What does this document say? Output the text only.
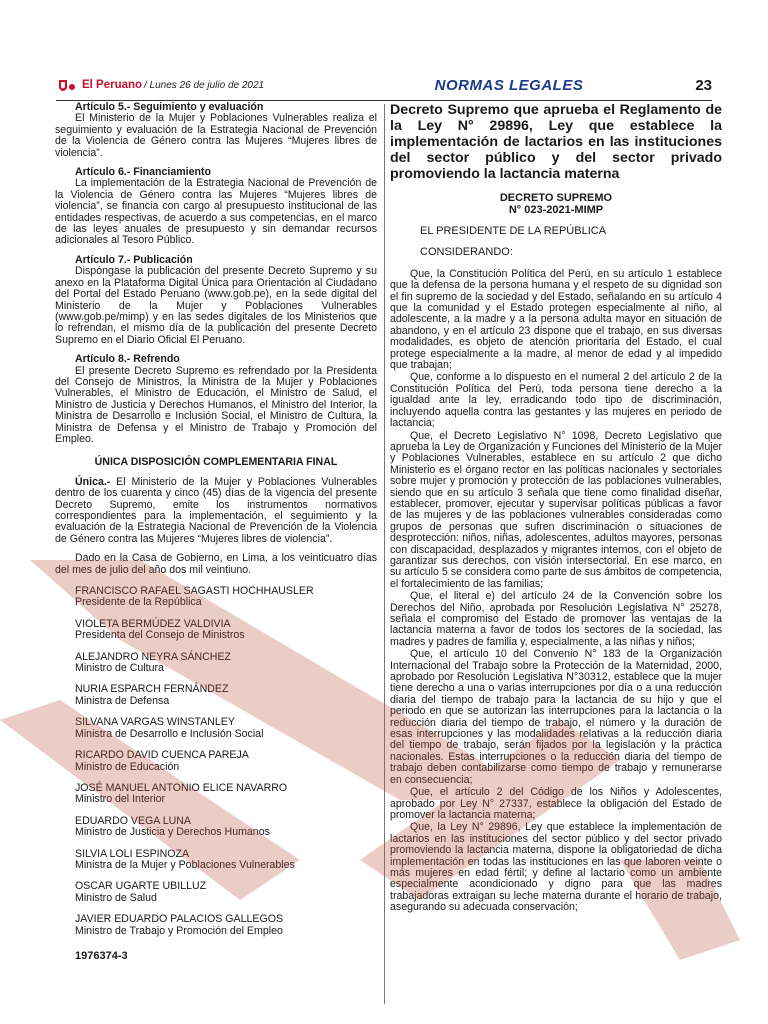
El Peruano / Lunes 26 de julio de 2021	NORMAS LEGALES	23
Artículo 5.- Seguimiento y evaluación

El Ministerio de la Mujer y Poblaciones Vulnerables realiza el seguimiento y evaluación de la Estrategia Nacional de Prevención de la Violencia de Género contra las Mujeres “Mujeres libres de violencia”.

Artículo 6.- Financiamiento

La implementación de la Estrategia Nacional de Prevención de la Violencia de Género contra las Mujeres “Mujeres libres de violencia”, se financia con cargo al presupuesto institucional de las entidades respectivas, de acuerdo a sus competencias, en el marco de las leyes anuales de presupuesto y sin demandar recursos adicionales al Tesoro Público.

Artículo 7.- Publicación

Dispóngase la publicación del presente Decreto Supremo y su anexo en la Plataforma Digital Única para Orientación al Ciudadano del Portal del Estado Peruano (www.gob.pe), en la sede digital del Ministerio de la Mujer y Poblaciones Vulnerables (www.gob.pe/mimp) y en las sedes digitales de los Ministerios que lo refrendan, el mismo día de la publicación del presente Decreto Supremo en el Diario Oficial El Peruano.

Artículo 8.- Refrendo

El presente Decreto Supremo es refrendado por la Presidenta del Consejo de Ministros, la Ministra de la Mujer y Poblaciones Vulnerables, el Ministro de Educación, el Ministro de Salud, el Ministro de Justicia y Derechos Humanos, el Ministro del Interior, la Ministra de Desarrollo e Inclusión Social, el Ministro de Cultura, la Ministra de Defensa y el Ministro de Trabajo y Promoción del Empleo.

ÚNICA DISPOSICIÓN COMPLEMENTARIA FINAL

Única.- El Ministerio de la Mujer y Poblaciones Vulnerables dentro de los cuarenta y cinco (45) días de la vigencia del presente Decreto Supremo, emite los instrumentos normativos correspondientes para la implementación, el seguimiento y la evaluación de la Estrategia Nacional de Prevención de la Violencia de Género contra las Mujeres “Mujeres libres de violencia”.

Dado en la Casa de Gobierno, en Lima, a los veinticuatro días del mes de julio del año dos mil veintiuno.

FRANCISCO RAFAEL SAGASTI HOCHHAUSLER
Presidente de la República
VIOLETA BERMÚDEZ VALDIVIA
Presidenta del Consejo de Ministros
ALEJANDRO NEYRA SÁNCHEZ
Ministro de Cultura
NURIA ESPARCH FERNÁNDEZ
Ministra de Defensa
SILVANA VARGAS WINSTANLEY
Ministra de Desarrollo e Inclusión Social
RICARDO DAVID CUENCA PAREJA
Ministro de Educación
JOSÉ MANUEL ANTONIO ELICE NAVARRO
Ministro del Interior
EDUARDO VEGA LUNA
Ministro de Justicia y Derechos Humanos
SILVIA LOLI ESPINOZA
Ministra de la Mujer y Poblaciones Vulnerables
OSCAR UGARTE UBILLUZ
Ministro de Salud
JAVIER EDUARDO PALACIOS GALLEGOS
Ministro de Trabajo y Promoción del Empleo
1976374-3
Decreto Supremo que aprueba el Reglamento de la Ley N° 29896, Ley que establece la implementación de lactarios en las instituciones del sector público y del sector privado promoviendo la lactancia materna
DECRETO SUPREMO
N° 023-2021-MIMP
EL PRESIDENTE DE LA REPÚBLICA
CONSIDERANDO:

Que, la Constitución Política del Perú, en su artículo 1 establece que la defensa de la persona humana y el respeto de su dignidad son el fin supremo de la sociedad y del Estado, señalando en su artículo 4 que la comunidad y el Estado protegen especialmente al niño, al adolescente, a la madre y a la persona adulta mayor en situación de abandono, y en el artículo 23 dispone que el trabajo, en sus diversas modalidades, es objeto de atención prioritaria del Estado, el cual protege especialmente a la madre, al menor de edad y al impedido que trabajan;

Que, conforme a lo dispuesto en el numeral 2 del artículo 2 de la Constitución Política del Perú, toda persona tiene derecho a la igualdad ante la ley, erradicando todo tipo de discriminación, incluyendo aquella contra las gestantes y las mujeres en periodo de lactancia;

Que, el Decreto Legislativo N° 1098, Decreto Legislativo que aprueba la Ley de Organización y Funciones del Ministerio de la Mujer y Poblaciones Vulnerables, establece en su artículo 2 que dicho Ministerio es el órgano rector en las políticas nacionales y sectoriales sobre mujer y promoción y protección de las poblaciones vulnerables, siendo que en su artículo 3 señala que tiene como finalidad diseñar, establecer, promover, ejecutar y supervisar políticas públicas a favor de las mujeres y de las poblaciones vulnerables consideradas como grupos de personas que sufren discriminación o situaciones de desprotección: niños, niñas, adolescentes, adultos mayores, personas con discapacidad, desplazados y migrantes internos, con el objeto de garantizar sus derechos, con visión intersectorial. En ese marco, en su artículo 5 se considera como parte de sus ámbitos de competencia, el fortalecimiento de las familias;

Que, el literal e) del artículo 24 de la Convención sobre los Derechos del Niño, aprobada por Resolución Legislativa N° 25278, señala el compromiso del Estado de promover las ventajas de la lactancia materna a favor de todos los sectores de la sociedad, las madres y padres de familia y, especialmente, a las niñas y niños;

Que, el artículo 10 del Convenio N° 183 de la Organización Internacional del Trabajo sobre la Protección de la Maternidad, 2000, aprobado por Resolución Legislativa N°30312, establece que la mujer tiene derecho a una o varias interrupciones por día o a una reducción diaria del tiempo de trabajo para la lactancia de su hijo y que el periodo en que se autorizan las interrupciones para la lactancia o la reducción diaria del tiempo de trabajo, el número y la duración de esas interrupciones y las modalidades relativas a la reducción diaria del tiempo de trabajo, serán fijados por la legislación y la práctica nacionales. Estas interrupciones o la reducción diaria del tiempo de trabajo deben contabilizarse como tiempo de trabajo y remunerarse en consecuencia;

Que, el artículo 2 del Código de los Niños y Adolescentes, aprobado por Ley N° 27337, establece la obligación del Estado de promover la lactancia materna;

Que, la Ley N° 29896, Ley que establece la implementación de lactarios en las instituciones del sector público y del sector privado promoviendo la lactancia materna, dispone la obligatoriedad de dicha implementación en todas las instituciones en las que laboren veinte o más mujeres en edad fértil; y define al lactario como un ambiente especialmente acondicionado y digno para que las madres trabajadoras extraigan su leche materna durante el horario de trabajo, asegurando su adecuada conservación;
